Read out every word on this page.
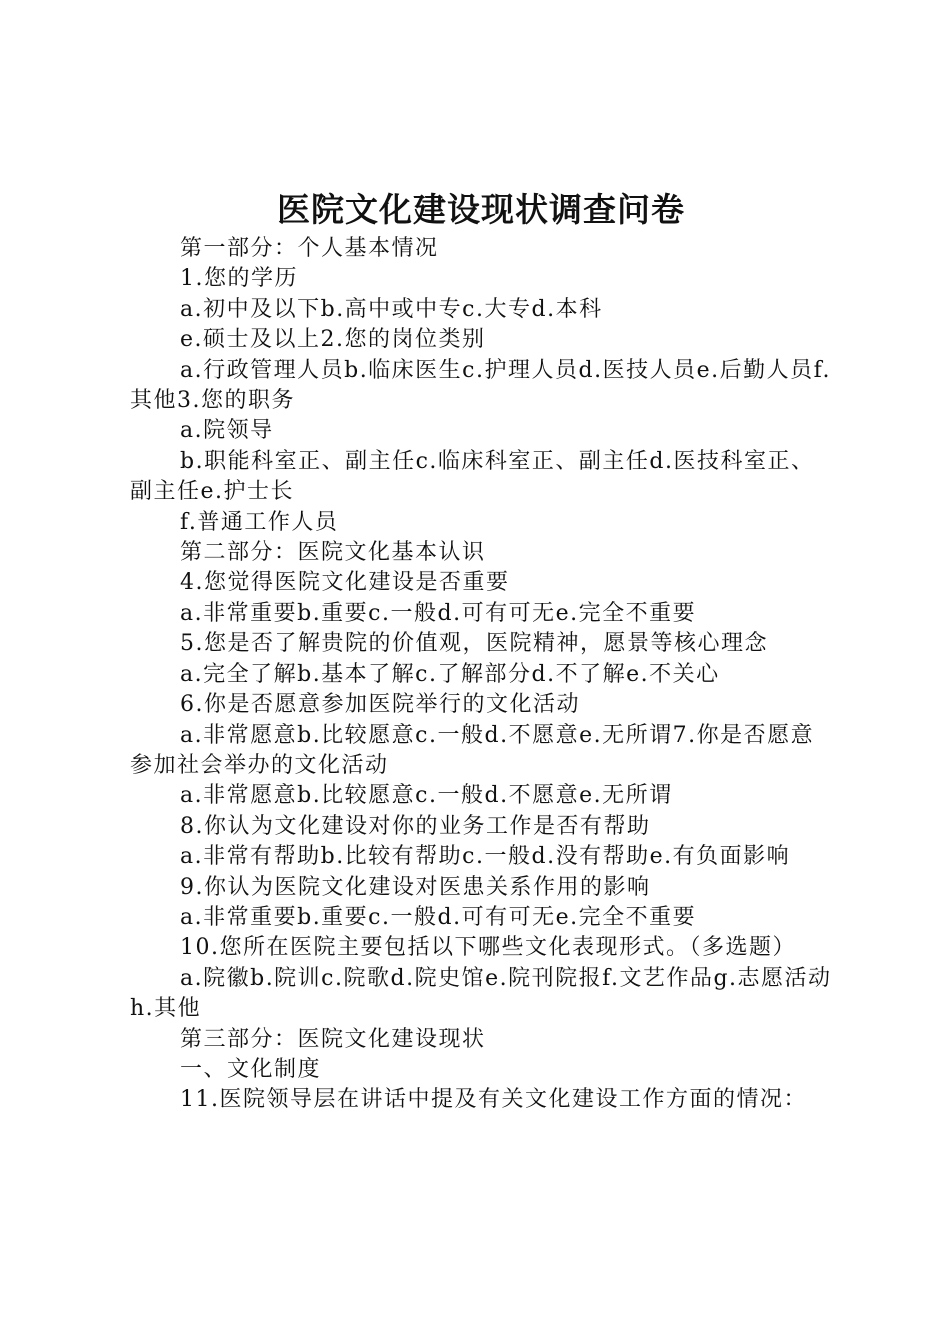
医院文化建设现状调查问卷

第一部分：个人基本情况

1.您的学历

a.初中及以下b.高中或中专c.大专d.本科

e.硕士及以上2.您的岗位类别

a.行政管理人员b.临床医生c.护理人员d.医技人员e.后勤人员f.其他3.您的职务

a.院领导

b.职能科室正、副主任c.临床科室正、副主任d.医技科室正、副主任e.护士长

f.普通工作人员

第二部分：医院文化基本认识

4.您觉得医院文化建设是否重要

a.非常重要b.重要c.一般d.可有可无e.完全不重要

5.您是否了解贵院的价值观，医院精神，愿景等核心理念

a.完全了解b.基本了解c.了解部分d.不了解e.不关心

6.你是否愿意参加医院举行的文化活动

a.非常愿意b.比较愿意c.一般d.不愿意e.无所谓7.你是否愿意参加社会举办的文化活动

a.非常愿意b.比较愿意c.一般d.不愿意e.无所谓

8.你认为文化建设对你的业务工作是否有帮助

a.非常有帮助b.比较有帮助c.一般d.没有帮助e.有负面影响

9.你认为医院文化建设对医患关系作用的影响

a.非常重要b.重要c.一般d.可有可无e.完全不重要

10.您所在医院主要包括以下哪些文化表现形式。（多选题）

a.院徽b.院训c.院歌d.院史馆e.院刊院报f.文艺作品g.志愿活动h.其他

第三部分：医院文化建设现状

一、文化制度

11.医院领导层在讲话中提及有关文化建设工作方面的情况：
